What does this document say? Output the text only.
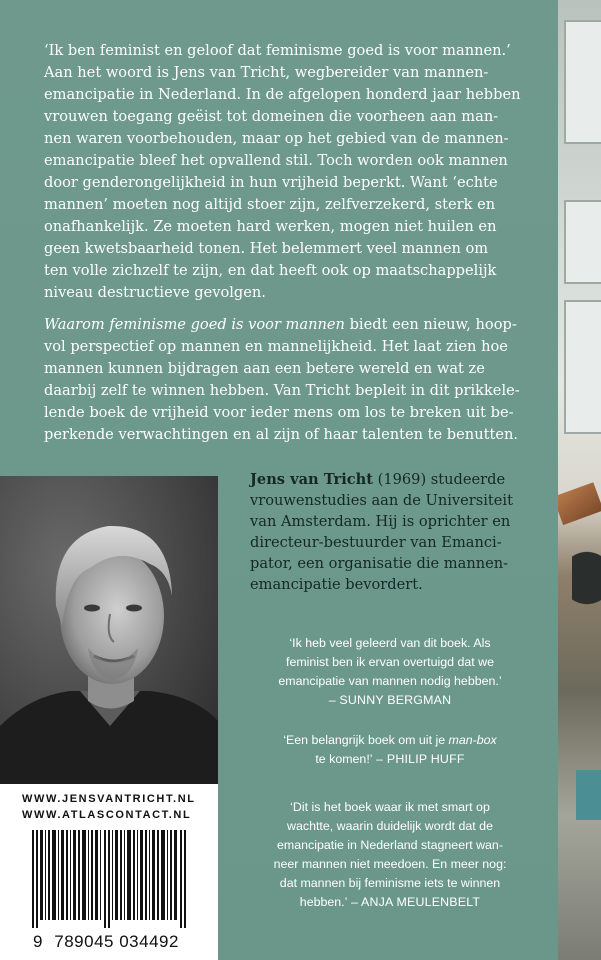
‘Ik ben feminist en geloof dat feminisme goed is voor mannen.’
Aan het woord is Jens van Tricht, wegbereider van mannen-
emancipatie in Nederland. In de afgelopen honderd jaar hebben
vrouwen toegang geëist tot domeinen die voorheen aan man-
nen waren voorbehouden, maar op het gebied van de mannen-
emancipatie bleef het opvallend stil. Toch worden ook mannen
door genderongelijkheid in hun vrijheid beperkt. Want ‘echte
mannen’ moeten nog altijd stoer zijn, zelfverzekerd, sterk en
onafhankelijk. Ze moeten hard werken, mogen niet huilen en
geen kwetsbaarheid tonen. Het belemmert veel mannen om
ten volle zichzelf te zijn, en dat heeft ook op maatschappelijk
niveau destructieve gevolgen.

Waarom feminisme goed is voor mannen biedt een nieuw, hoop-
vol perspectief op mannen en mannelijkheid. Het laat zien hoe
mannen kunnen bijdragen aan een betere wereld en wat ze
daarbij zelf te winnen hebben. Van Tricht bepleit in dit prikkele-
lende boek de vrijheid voor ieder mens om los te breken uit be-
perkende verwachtingen en al zijn of haar talenten te benutten.

Jens van Tricht (1969) studeerde
vrouwenstudies aan de Universiteit
van Amsterdam. Hij is oprichter en
directeur-bestuurder van Emanci-
pator, een organisatie die mannen-
emancipatie bevordert.
‘Ik heb veel geleerd van dit boek. Als
feminist ben ik ervan overtuigd dat we
emancipatie van mannen nodig hebben.’
– SUNNY BERGMAN
‘Een belangrijk boek om uit je man-box
te komen!’ – PHILIP HUFF
‘Dit is het boek waar ik met smart op
wachtte, waarin duidelijk wordt dat de
emancipatie in Nederland stagneert wan-
neer mannen niet meedoen. En meer nog:
dat mannen bij feminisme iets te winnen
hebben.’ – ANJA MEULENBELT
WWW.JENSVANTRICHT.NL
WWW.ATLASCONTACT.NL
9 789045 034492
